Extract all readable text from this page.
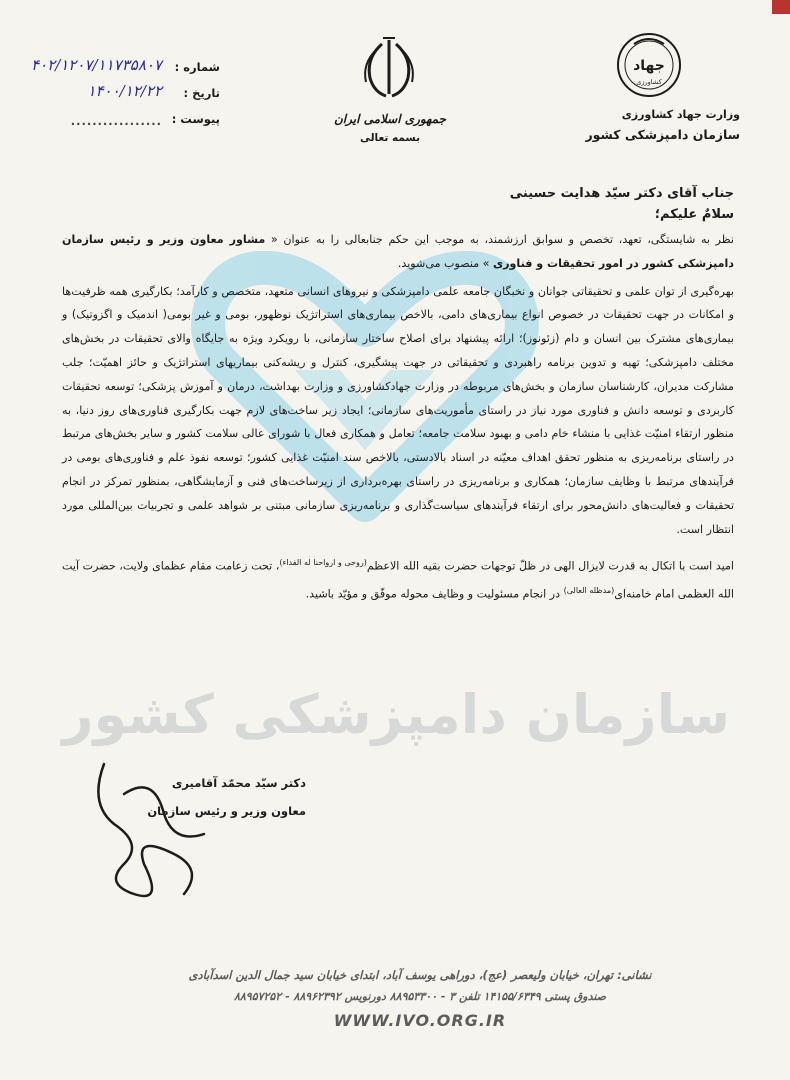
سازمان دامپزشکی کشور
جهاد
کشاورزی
وزارت جهاد کشاورزی
سازمان دامپزشکی کشور
جمهوری اسلامی ایران
بسمه تعالی
شماره :
۴۰۲/۱۲۰۷/۱۱۷۳۵۸۰۷
تاریخ :
۱۴۰۰/۱۲/۲۲
پیوست :
.................
جناب آقای دکتر سیّد هدایت حسینی
سلامٌ علیکم؛

نظر به شایستگی، تعهد، تخصص و سوابق ارزشمند، به موجب این حکم جنابعالی را به عنوان « مشاور معاون وزیر و رئیس سازمان دامپزشکی کشور در امور تحقیقات و فناوری » منصوب می‌شوید.

بهره‌گیری از توان علمی و تحقیقاتی جوانان و نخبگان جامعه علمی دامپزشکی و نیروهای انسانی متعهد، متخصص و کارآمد؛ بکارگیری همه ظرفیت‌ها و امکانات در جهت تحقیقات در خصوص انواع بیماری‌های دامی، بالاخص بیماری‌های استراتژیک نوظهور، بومی و غیر بومی( اندمیک و اگزوتیک) و بیماری‌های مشترک بین انسان و دام (زئونوز)؛ ارائه پیشنهاد برای اصلاح ساختار سازمانی، با رویکرد ویژه به جایگاه والای تحقیقات در بخش‌های مختلف دامپزشکی؛ تهیه و تدوین برنامه راهبردی و تحقیقاتی در جهت پیشگیری، کنترل و ریشه‌کنی بیماریهای استراتژیک و حائز اهمیّت؛ جلب مشارکت مدیران، کارشناسان سازمان و بخش‌های مربوطه در وزارت جهادکشاورزی و وزارت بهداشت، درمان و آموزش پزشکی؛ توسعه تحقیقات کاربردی و توسعه دانش و فناوری مورد نیاز در راستای مأموریت‌های سازمانی؛ ایجاد زیر ساخت‌های لازم جهت بکارگیری فناوری‌های روز دنیا، به منظور ارتقاء امنیّت غذایی با منشاء خام دامی و بهبود سلامت جامعه؛ تعامل و همکاری فعال با شورای عالی سلامت کشور و سایر بخش‌های مرتبط در راستای برنامه‌ریزی به منظور تحقق اهداف معیّنه در اسناد بالادستی، بالاخص سند امنیّت غذایی کشور؛ توسعه نفوذ علم و فناوری‌های بومی در فرآیندهای مرتبط با وظایف سازمان؛ همکاری و برنامه‌ریزی در راستای بهره‌برداری از زیرساخت‌های فنی و آزمایشگاهی، بمنظور تمرکز در انجام تحقیقات و فعالیت‌های دانش‌محور برای ارتقاء فرآیندهای سیاست‌گذاری و برنامه‌ریزی سازمانی مبتنی بر شواهد علمی و تجربیات بین‌المللی مورد انتظار است.

امید است با اتکال به قدرت لایزال الهی در ظلّ توجهات حضرت بقیه الله الاعظم$^{(روحی و ارواحنا له الفداء)}$، تحت زعامت مقام عظمای ولایت، حضرت آیت الله العظمی امام خامنه‌ای$^{(مدظله العالی)}$ در انجام مسئولیت و وظایف محوله موفّق و مؤیّد باشید.

دکتر سیّد محمّد آقامیری
معاون وزیر و رئیس سازمان
نشانی: تهران، خیابان ولیعصر (عج)، دوراهی یوسف آباد، ابتدای خیابان سید جمال الدین اسدآبادی
صندوق پستی ۱۴۱۵۵/۶۳۴۹ تلفن ۳ - ۸۸۹۵۳۳۰۰ دورنویس ۸۸۹۶۲۳۹۲ - ۸۸۹۵۷۲۵۲
WWW.IVO.ORG.IR
